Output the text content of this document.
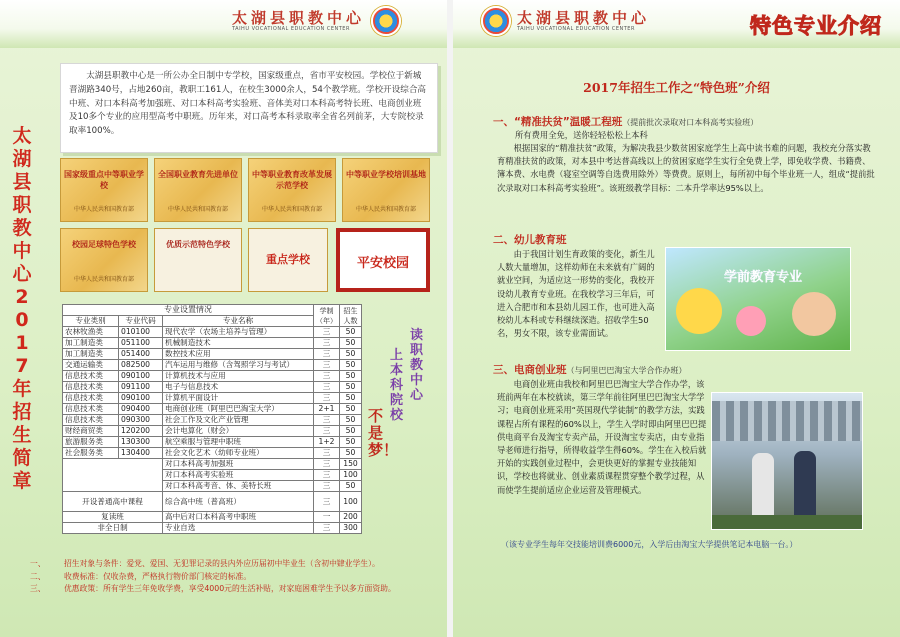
太湖县职教中心
TAIHU VOCATIONAL EDUCATION CENTER
太湖县职教中心2017年招生简章
太湖县职教中心是一所公办全日制中专学校，国家级重点，省市平安校园。学校位于新城晋湖路340号，占地260亩，教职工161人，在校生3000余人，54个教学班。学校开设综合高中班、对口本科高考加强班、对口本科高考实验班、音体美对口本科高考特长班、电商创业班及10多个专业的应用型高考中职班。历年来，对口高考本科录取率全省名列前茅，大专院校录取率100%。
国家级重点中等职业学校
中华人民共和国教育部
全国职业教育先进单位
中华人民共和国教育部
中等职业教育改革发展示范学校
中华人民共和国教育部
中等职业学校培训基地
中华人民共和国教育部
校园足球特色学校
中华人民共和国教育部
优质示范特色学校
重点学校	平安校园
专业设置情况			学制（年）	招生人数
专业类别	专业代码	专业名称		
农林牧渔类	010100	现代农学（农场主培养与管理）	三	50
加工制造类	051100	机械制造技术	三	50
加工制造类	051400	数控技术应用	三	50
交通运输类	082500	汽车运用与维修（含驾照学习与考试）	三	50
信息技术类	090100	计算机技术与应用	三	50
信息技术类	091100	电子与信息技术	三	50
信息技术类	090100	计算机平面设计	三	50
信息技术类	090400	电商创业班（阿里巴巴淘宝大学）	2+1	50
信息技术类	090300	社会工作及文化产业管理	三	50
财经商贸类	120200	会计电算化（财会）	三	50
旅游服务类	130300	航空乘服与管理中职班	1+2	50
社会服务类	130400	社会文化艺术（幼师专业班）	三	50
		对口本科高考加强班	三	150
		对口本科高考实验班	三	100
		对口本科高考音、体、美特长班	三	50
开设普通高中课程		综合高中班（普高班）	三	100
复读班		高中后对口本科高考中职班	一	200
非全日制		专业自选	三	300
读职教中心
上本科院校
不是梦！
一、	招生对象与条件：爱党、爱国、无犯罪记录的县内外应历届初中毕业生（含初中肄业学生）。
二、	收费标准：仅收杂费，严格执行物价部门核定的标准。
三、	优惠政策：所有学生三年免收学费，享受4000元的生活补贴，对家庭困难学生予以多方面资助。
太湖县职教中心
TAIHU VOCATIONAL EDUCATION CENTER	特色专业介绍
2017年招生工作之“特色班”介绍
一、“精准扶贫”温暖工程班（提前批次录取对口本科高考实验班）
所有费用全免，送你轻轻松松上本科
根据国家的“精准扶贫”政策，为解决我县少数贫困家庭学生上高中读书难的问题，我校充分落实教育精准扶贫的政策，对本县中考达普高线以上的贫困家庭学生实行全免费上学，即免收学费、书籍费、簿本费、水电费（寝室空调等自选费用除外）等费费。原则上，每所初中每个毕业班一人，组成“提前批次录取对口本科高考实验班”。该班级教学目标：二本升学率达95%以上。
二、幼儿教育班
由于我国计划生育政策的变化，新生儿人数大量增加，这样幼师在未来就有广阔的就业空间，为适应这一形势的变化，我校开设幼儿教育专业班。在我校学习三年后，可进入合肥市和本县幼儿园工作，也可进入高校幼儿本科或专科继续深造。招收学生50名，男女不限，该专业需面试。
学前教育专业
三、电商创业班（与阿里巴巴淘宝大学合作办班）
电商创业班由我校和阿里巴巴淘宝大学合作办学，该班前两年在本校就读，第三学年前往阿里巴巴淘宝大学学习；电商创业班采用“英国现代学徒制”的教学方法，实践课程占所有课程的60%以上，学生入学时即由阿里巴巴提供电商平台及淘宝专卖产品，开设淘宝专卖店，由专业指导老师进行指导，所得收益学生得60%。学生在入校后就开始的实践创业过程中，会更快更好的掌握专业技能知识，学校也将就业、创业素质课程贯穿整个教学过程，从而使学生提前适应企业运营及管理模式。
（该专业学生每年交技能培训费6000元，入学后由淘宝大学提供笔记本电脑一台。）
